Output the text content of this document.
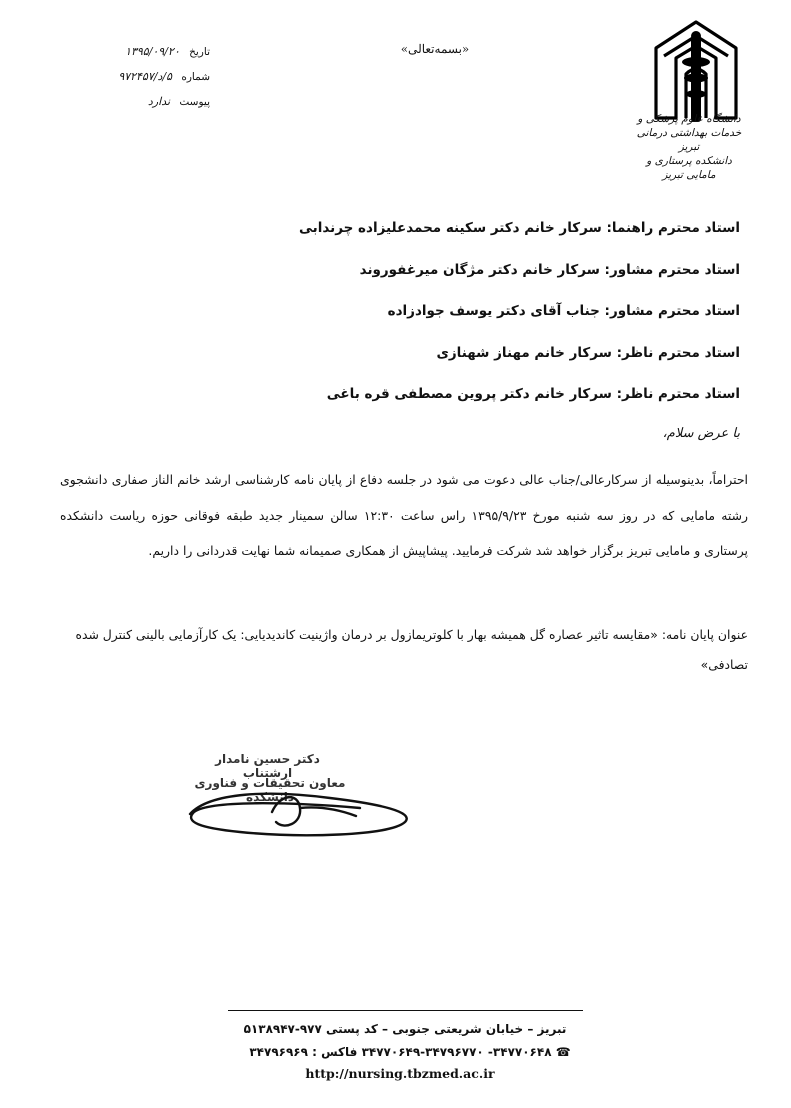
دانشگاه علوم پزشکی و
خدمات بهداشتی درمانی تبریز
دانشکده پرستاری و مامایی تبریز
«بسمه‌تعالی»
تاریخ ۱۳۹۵/۰۹/۲۰
شماره ۵/د/۹۷۲۴۵۷
پیوست ندارد
استاد محترم راهنما: سرکار خانم دکتر سکینه محمدعلیزاده چرندابی
استاد محترم مشاور: سرکار خانم دکتر مژگان میرغفوروند
استاد محترم مشاور: جناب آقای دکتر یوسف جوادزاده
استاد محترم ناظر: سرکار خانم مهناز شهنازی
استاد محترم ناظر: سرکار خانم دکتر پروین مصطفی قره باغی
با عرض سلام،

احتراماً، بدینوسیله از سرکارعالی/جناب عالی دعوت می شود در جلسه دفاع از پایان نامه کارشناسی ارشد خانم الناز صفاری دانشجوی رشته مامایی که در روز سه شنبه مورخ ۱۳۹۵/۹/۲۳ راس ساعت ۱۲:۳۰ سالن سمینار جدید طبقه فوقانی حوزه ریاست دانشکده پرستاری و مامایی تبریز برگزار خواهد شد شرکت فرمایید. پیشاپیش از همکاری صمیمانه شما نهایت قدردانی را داریم.

عنوان پایان نامه: «مقایسه تاثیر عصاره گل همیشه بهار با کلوتریمازول بر درمان واژینیت کاندیدیایی: یک کارآزمایی بالینی کنترل شده تصادفی»

دکتر حسین نامدار ارشتناب
معاون تحقیقات و فناوری دانشکده
تبریز – خیابان شریعتی جنوبی – کد پستی ۹۷۷-۵۱۳۸۹۴۷
☎ ۳۴۷۷۰۶۴۸- ۳۴۷۷۰۶۴۹-۳۴۷۹۶۷۷۰ فاکس : ۳۴۷۹۶۹۶۹
http://nursing.tbzmed.ac.ir
